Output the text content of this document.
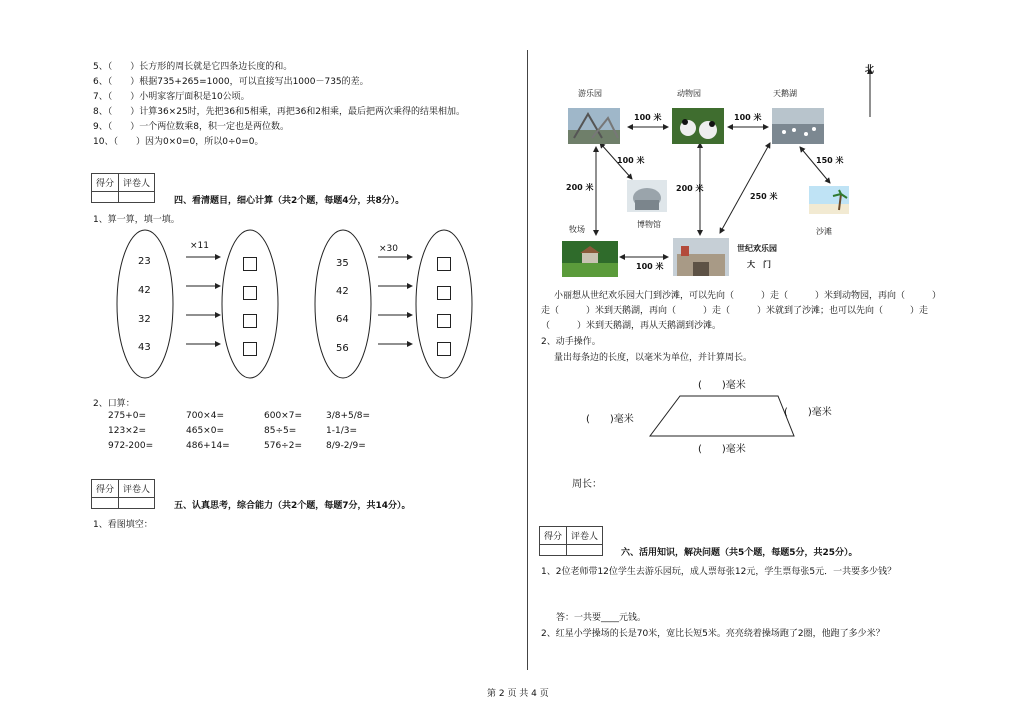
5、（　　）长方形的周长就是它四条边长度的和。
6、（　　）根据735+265=1000，可以直接写出1000－735的差。
7、（　　）小明家客厅面积是10公顷。
8、（　　）计算36×25时，先把36和5相乘，再把36和2相乘，最后把两次乘得的结果相加。
9、（　　）一个两位数乘8，积一定也是两位数。
10、（　　）因为0×0=0，所以0÷0=0。
得分	评卷人

四、看清题目，细心计算（共2个题，每题4分，共8分）。
1、算一算，填一填。
×11	×30
23
42
32
43
35
42
64
56
2、口算：
275+0=	700×4=	600×7=	3/8+5/8=
123×2=	465×0=	85÷5=	1-1/3=
972-200=	486+14=	576÷2=	8/9-2/9=
得分	评卷人

五、认真思考，综合能力（共2个题，每题7分，共14分）。
1、看图填空：
北
游乐园	动物园	天鹅湖
博物馆
牧场
世纪欢乐园
大　门
沙滩
100 米	100 米
100 米
200 米	200 米
250 米
150 米
100 米
小丽想从世纪欢乐园大门到沙滩，可以先向（　　　）走（　　　）米到动物园，再向（　　　）
走（　　　）米到天鹅湖，再向（　　　）走（　　　）米就到了沙滩；也可以先向（　　　）走
（　　　）米到天鹅湖，再从天鹅湖到沙滩。
2、动手操作。
量出每条边的长度，以毫米为单位，并计算周长。
(　　)毫米
(　　)毫米
(　　)毫米
(　　)毫米
周长：
得分	评卷人

六、活用知识，解决问题（共5个题，每题5分，共25分）。
1、2位老师带12位学生去游乐园玩，成人票每张12元，学生票每张5元．一共要多少钱？
答：一共要____元钱。
2、红星小学操场的长是70米，宽比长短5米。亮亮绕着操场跑了2圈，他跑了多少米？
第 2 页 共 4 页
